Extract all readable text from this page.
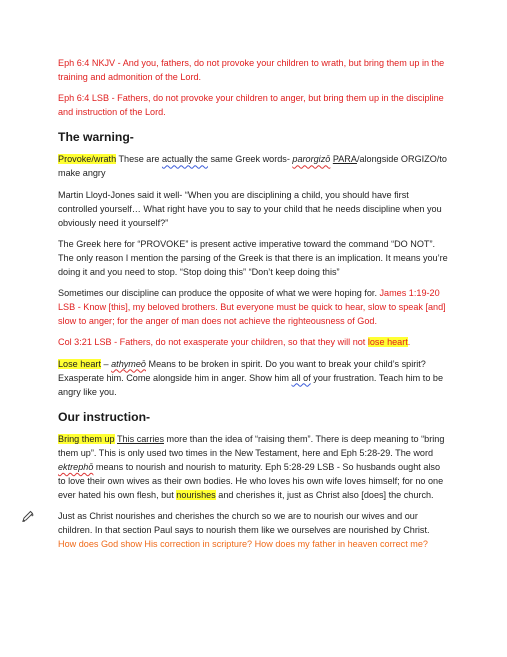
Eph 6:4 NKJV - And you, fathers, do not provoke your children to wrath, but bring them up in the training and admonition of the Lord.

Eph 6:4 LSB - Fathers, do not provoke your children to anger, but bring them up in the discipline and instruction of the Lord.

The warning-

Provoke/wrath These are actually the same Greek words- parorgizō PARA/alongside ORGIZO/to make angry

Martin Lloyd-Jones said it well- “When you are disciplining a child, you should have first controlled yourself… What right have you to say to your child that he needs discipline when you obviously need it yourself?”

The Greek here for “PROVOKE” is present active imperative toward the command “DO NOT”. The only reason I mention the parsing of the Greek is that there is an implication. It means you’re doing it and you need to stop. “Stop doing this” “Don’t keep doing this”

Sometimes our discipline can produce the opposite of what we were hoping for. James 1:19-20 LSB - Know [this], my beloved brothers. But everyone must be quick to hear, slow to speak [and] slow to anger; for the anger of man does not achieve the righteousness of God.

Col 3:21 LSB - Fathers, do not exasperate your children, so that they will not lose heart.

Lose heart – athymeō Means to be broken in spirit. Do you want to break your child’s spirit? Exasperate him. Come alongside him in anger. Show him all of your frustration. Teach him to be angry like you.

Our instruction-

Bring them up This carries more than the idea of “raising them”. There is deep meaning to “bring them up”. This is only used two times in the New Testament, here and Eph 5:28-29. The word ektrephō means to nourish and nourish to maturity. Eph 5:28-29 LSB - So husbands ought also to love their own wives as their own bodies. He who loves his own wife loves himself; for no one ever hated his own flesh, but nourishes and cherishes it, just as Christ also [does] the church.

Just as Christ nourishes and cherishes the church so we are to nourish our wives and our children. In that section Paul says to nourish them like we ourselves are nourished by Christ. How does God show His correction in scripture? How does my father in heaven correct me?
